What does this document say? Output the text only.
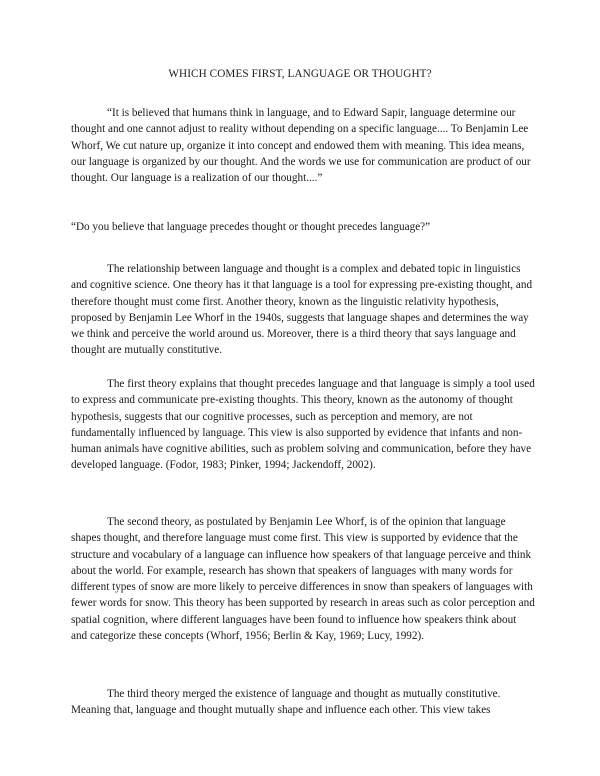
WHICH COMES FIRST, LANGUAGE OR THOUGHT?

“It is believed that humans think in language, and to Edward Sapir, language determine our thought and one cannot adjust to reality without depending on a specific language.... To Benjamin Lee Whorf, We cut nature up, organize it into concept and endowed them with meaning. This idea means, our language is organized by our thought. And the words we use for communication are product of our thought. Our language is a realization of our thought....”

“Do you believe that language precedes thought or thought precedes language?”

The relationship between language and thought is a complex and debated topic in linguistics and cognitive science. One theory has it that language is a tool for expressing pre-existing thought, and therefore thought must come first. Another theory, known as the linguistic relativity hypothesis, proposed by Benjamin Lee Whorf in the 1940s, suggests that language shapes and determines the way we think and perceive the world around us. Moreover, there is a third theory that says language and thought are mutually constitutive.

The first theory explains that thought precedes language and that language is simply a tool used to express and communicate pre-existing thoughts. This theory, known as the autonomy of thought hypothesis, suggests that our cognitive processes, such as perception and memory, are not fundamentally influenced by language. This view is also supported by evidence that infants and non-human animals have cognitive abilities, such as problem solving and communication, before they have developed language. (Fodor, 1983; Pinker, 1994; Jackendoff, 2002).

The second theory, as postulated by Benjamin Lee Whorf, is of the opinion that language shapes thought, and therefore language must come first. This view is supported by evidence that the structure and vocabulary of a language can influence how speakers of that language perceive and think about the world. For example, research has shown that speakers of languages with many words for different types of snow are more likely to perceive differences in snow than speakers of languages with fewer words for snow. This theory has been supported by research in areas such as color perception and spatial cognition, where different languages have been found to influence how speakers think about and categorize these concepts (Whorf, 1956; Berlin & Kay, 1969; Lucy, 1992).

The third theory merged the existence of language and thought as mutually constitutive. Meaning that, language and thought mutually shape and influence each other. This view takes
